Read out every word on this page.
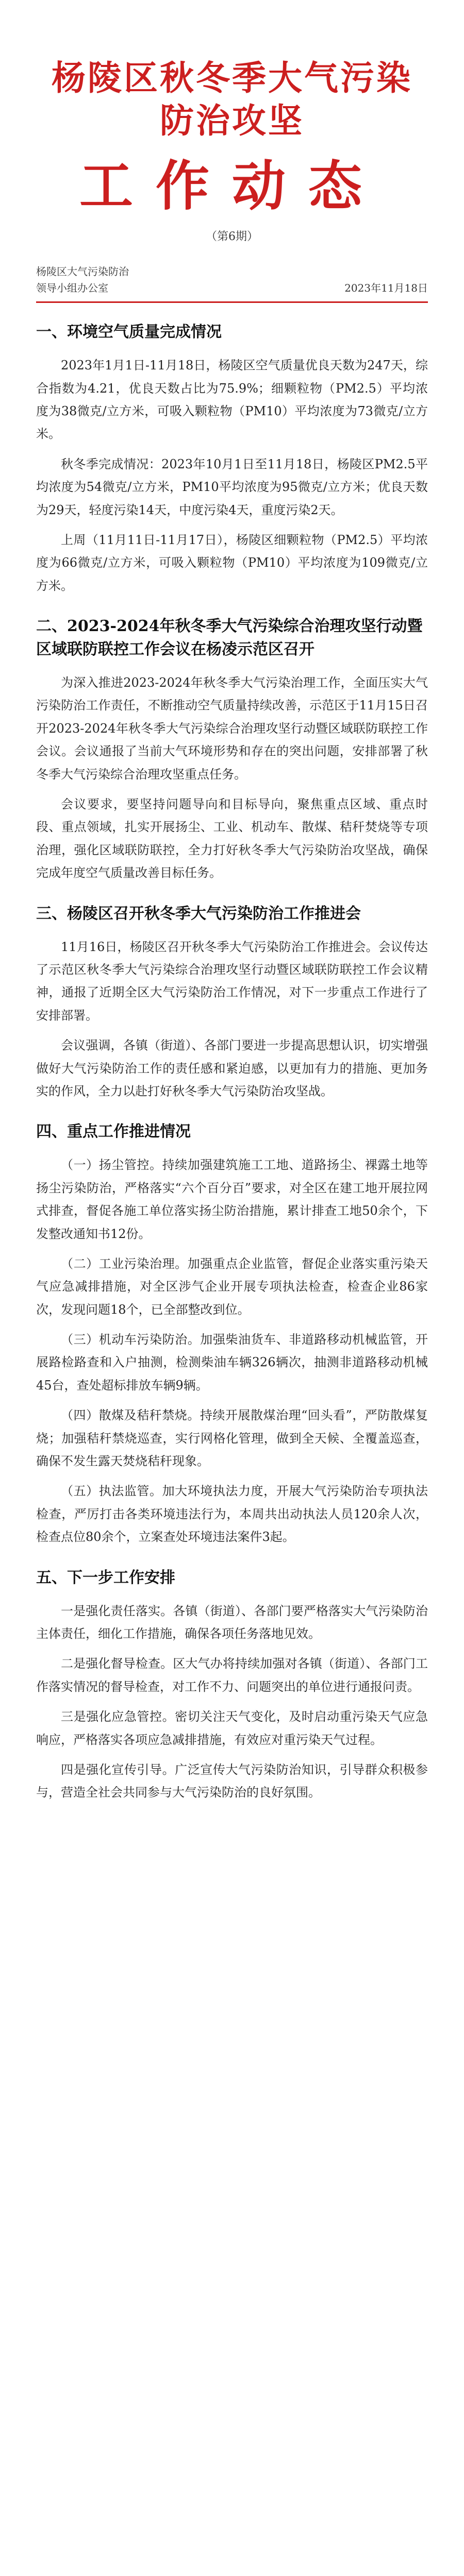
杨陵区秋冬季大气污染防治攻坚
工作动态
（第6期）
杨陵区大气污染防治
领导小组办公室	2023年11月18日
一、环境空气质量完成情况

2023年1月1日-11月18日，杨陵区空气质量优良天数为247天，综合指数为4.21，优良天数占比为75.9%；细颗粒物（PM2.5）平均浓度为38微克/立方米，可吸入颗粒物（PM10）平均浓度为73微克/立方米。

秋冬季完成情况：2023年10月1日至11月18日，杨陵区PM2.5平均浓度为54微克/立方米，PM10平均浓度为95微克/立方米；优良天数为29天，轻度污染14天，中度污染4天，重度污染2天。

上周（11月11日-11月17日），杨陵区细颗粒物（PM2.5）平均浓度为66微克/立方米，可吸入颗粒物（PM10）平均浓度为109微克/立方米。

二、2023-2024年秋冬季大气污染综合治理攻坚行动暨区域联防联控工作会议在杨凌示范区召开

为深入推进2023-2024年秋冬季大气污染治理工作，全面压实大气污染防治工作责任，不断推动空气质量持续改善，示范区于11月15日召开2023-2024年秋冬季大气污染综合治理攻坚行动暨区域联防联控工作会议。会议通报了当前大气环境形势和存在的突出问题，安排部署了秋冬季大气污染综合治理攻坚重点任务。

会议要求，要坚持问题导向和目标导向，聚焦重点区域、重点时段、重点领域，扎实开展扬尘、工业、机动车、散煤、秸秆焚烧等专项治理，强化区域联防联控，全力打好秋冬季大气污染防治攻坚战，确保完成年度空气质量改善目标任务。

三、杨陵区召开秋冬季大气污染防治工作推进会

11月16日，杨陵区召开秋冬季大气污染防治工作推进会。会议传达了示范区秋冬季大气污染综合治理攻坚行动暨区域联防联控工作会议精神，通报了近期全区大气污染防治工作情况，对下一步重点工作进行了安排部署。

会议强调，各镇（街道）、各部门要进一步提高思想认识，切实增强做好大气污染防治工作的责任感和紧迫感，以更加有力的措施、更加务实的作风，全力以赴打好秋冬季大气污染防治攻坚战。

四、重点工作推进情况

（一）扬尘管控。持续加强建筑施工工地、道路扬尘、裸露土地等扬尘污染防治，严格落实“六个百分百”要求，对全区在建工地开展拉网式排查，督促各施工单位落实扬尘防治措施，累计排查工地50余个，下发整改通知书12份。

（二）工业污染治理。加强重点企业监管，督促企业落实重污染天气应急减排措施，对全区涉气企业开展专项执法检查，检查企业86家次，发现问题18个，已全部整改到位。

（三）机动车污染防治。加强柴油货车、非道路移动机械监管，开展路检路查和入户抽测，检测柴油车辆326辆次，抽测非道路移动机械45台，查处超标排放车辆9辆。

（四）散煤及秸秆禁烧。持续开展散煤治理“回头看”，严防散煤复烧；加强秸秆禁烧巡查，实行网格化管理，做到全天候、全覆盖巡查，确保不发生露天焚烧秸秆现象。

（五）执法监管。加大环境执法力度，开展大气污染防治专项执法检查，严厉打击各类环境违法行为，本周共出动执法人员120余人次，检查点位80余个，立案查处环境违法案件3起。

五、下一步工作安排

一是强化责任落实。各镇（街道）、各部门要严格落实大气污染防治主体责任，细化工作措施，确保各项任务落地见效。

二是强化督导检查。区大气办将持续加强对各镇（街道）、各部门工作落实情况的督导检查，对工作不力、问题突出的单位进行通报问责。

三是强化应急管控。密切关注天气变化，及时启动重污染天气应急响应，严格落实各项应急减排措施，有效应对重污染天气过程。

四是强化宣传引导。广泛宣传大气污染防治知识，引导群众积极参与，营造全社会共同参与大气污染防治的良好氛围。
